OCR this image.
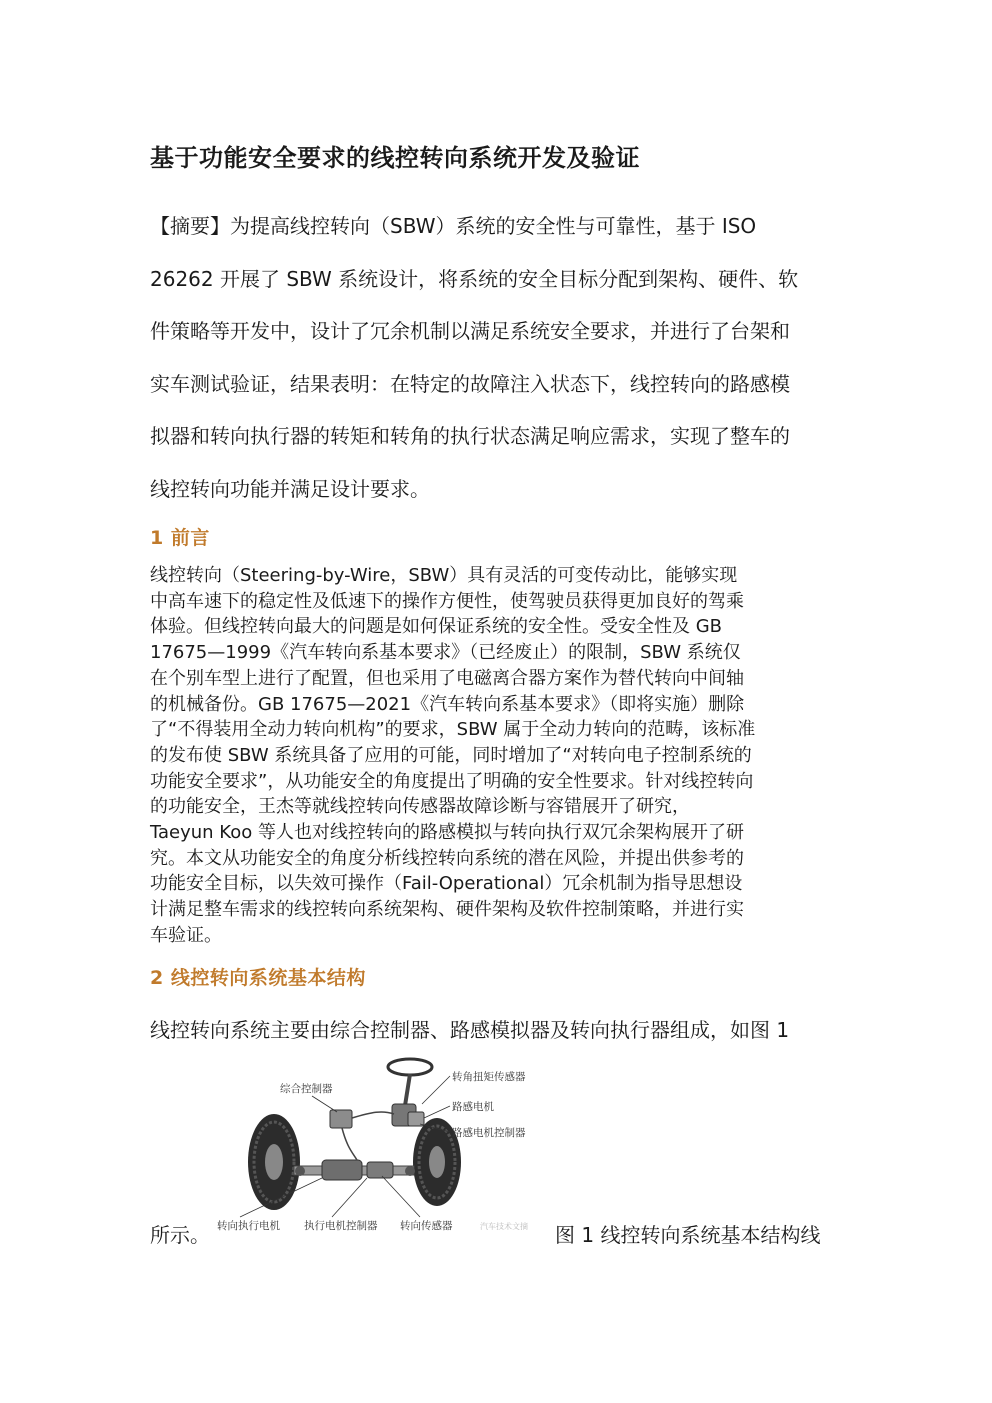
基于功能安全要求的线控转向系统开发及验证
【摘要】为提高线控转向（SBW）系统的安全性与可靠性，基于 ISO
26262 开展了 SBW 系统设计，将系统的安全目标分配到架构、硬件、软
件策略等开发中，设计了冗余机制以满足系统安全要求，并进行了台架和
实车测试验证，结果表明：在特定的故障注入状态下，线控转向的路感模
拟器和转向执行器的转矩和转角的执行状态满足响应需求，实现了整车的
线控转向功能并满足设计要求。
1 前言
线控转向（Steering-by-Wire，SBW）具有灵活的可变传动比，能够实现
中高车速下的稳定性及低速下的操作方便性，使驾驶员获得更加良好的驾乘
体验。但线控转向最大的问题是如何保证系统的安全性。受安全性及 GB
17675—1999《汽车转向系基本要求》（已经废止）的限制，SBW 系统仅
在个别车型上进行了配置，但也采用了电磁离合器方案作为替代转向中间轴
的机械备份。GB 17675—2021《汽车转向系基本要求》（即将实施）删除
了“不得装用全动力转向机构”的要求，SBW 属于全动力转向的范畴，该标准
的发布使 SBW 系统具备了应用的可能，同时增加了“对转向电子控制系统的
功能安全要求”，从功能安全的角度提出了明确的安全性要求。针对线控转向
的功能安全，王杰等就线控转向传感器故障诊断与容错展开了研究，
Taeyun Koo 等人也对线控转向的路感模拟与转向执行双冗余架构展开了研
究。本文从功能安全的角度分析线控转向系统的潜在风险，并提出供参考的
功能安全目标，以失效可操作（Fail-Operational）冗余机制为指导思想设
计满足整车需求的线控转向系统架构、硬件架构及软件控制策略，并进行实
车验证。
2 线控转向系统基本结构
线控转向系统主要由综合控制器、路感模拟器及转向执行器组成，如图 1
综合控制器
转角扭矩传感器
路感电机
路感电机控制器
转向执行电机 执行电机控制器 转向传感器	汽车技术文摘
所示。	图 1 线控转向系统基本结构线
